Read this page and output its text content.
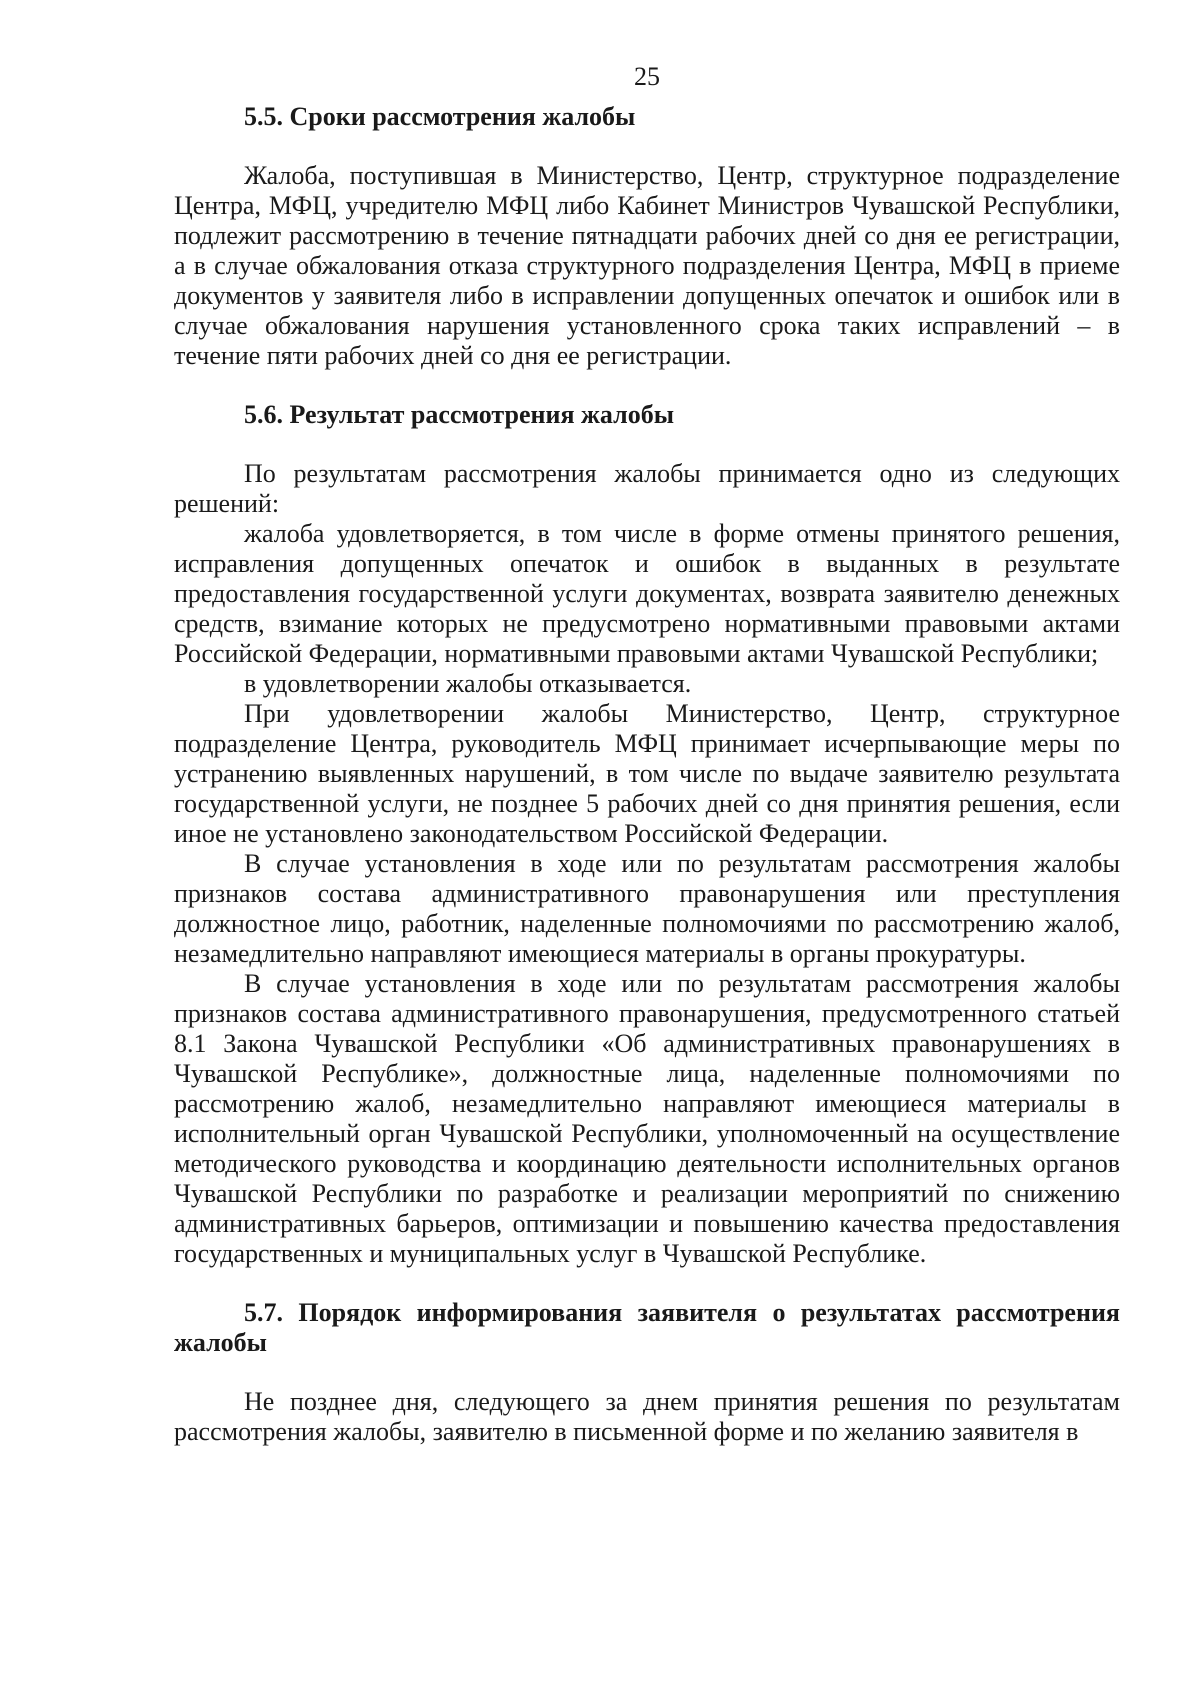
25

5.5. Сроки рассмотрения жалобы

Жалоба, поступившая в Министерство, Центр, структурное подразделение Центра, МФЦ, учредителю МФЦ либо Кабинет Министров Чувашской Республики, подлежит рассмотрению в течение пятнадцати рабочих дней со дня ее регистрации, а в случае обжалования отказа структурного подразделения Центра, МФЦ в приеме документов у заявителя либо в исправлении допущенных опечаток и ошибок или в случае обжалования нарушения установленного срока таких исправлений – в течение пяти рабочих дней со дня ее регистрации.

5.6. Результат рассмотрения жалобы

По результатам рассмотрения жалобы принимается одно из следующих решений:

жалоба удовлетворяется, в том числе в форме отмены принятого решения, исправления допущенных опечаток и ошибок в выданных в результате предоставления государственной услуги документах, возврата заявителю денежных средств, взимание которых не предусмотрено нормативными правовыми актами Российской Федерации, нормативными правовыми актами Чувашской Республики;

в удовлетворении жалобы отказывается.

При удовлетворении жалобы Министерство, Центр, структурное подразделение Центра, руководитель МФЦ принимает исчерпывающие меры по устранению выявленных нарушений, в том числе по выдаче заявителю результата государственной услуги, не позднее 5 рабочих дней со дня принятия решения, если иное не установлено законодательством Российской Федерации.

В случае установления в ходе или по результатам рассмотрения жалобы признаков состава административного правонарушения или преступления должностное лицо, работник, наделенные полномочиями по рассмотрению жалоб, незамедлительно направляют имеющиеся материалы в органы прокуратуры.

В случае установления в ходе или по результатам рассмотрения жалобы признаков состава административного правонарушения, предусмотренного статьей 8.1 Закона Чувашской Республики «Об административных правонарушениях в Чувашской Республике», должностные лица, наделенные полномочиями по рассмотрению жалоб, незамедлительно направляют имеющиеся материалы в исполнительный орган Чувашской Республики, уполномоченный на осуществление методического руководства и координацию деятельности исполнительных органов Чувашской Республики по разработке и реализации мероприятий по снижению административных барьеров, оптимизации и повышению качества предоставления государственных и муниципальных услуг в Чувашской Республике.

5.7. Порядок информирования заявителя о результатах рассмотрения жалобы

Не позднее дня, следующего за днем принятия решения по результатам рассмотрения жалобы, заявителю в письменной форме и по желанию заявителя в
